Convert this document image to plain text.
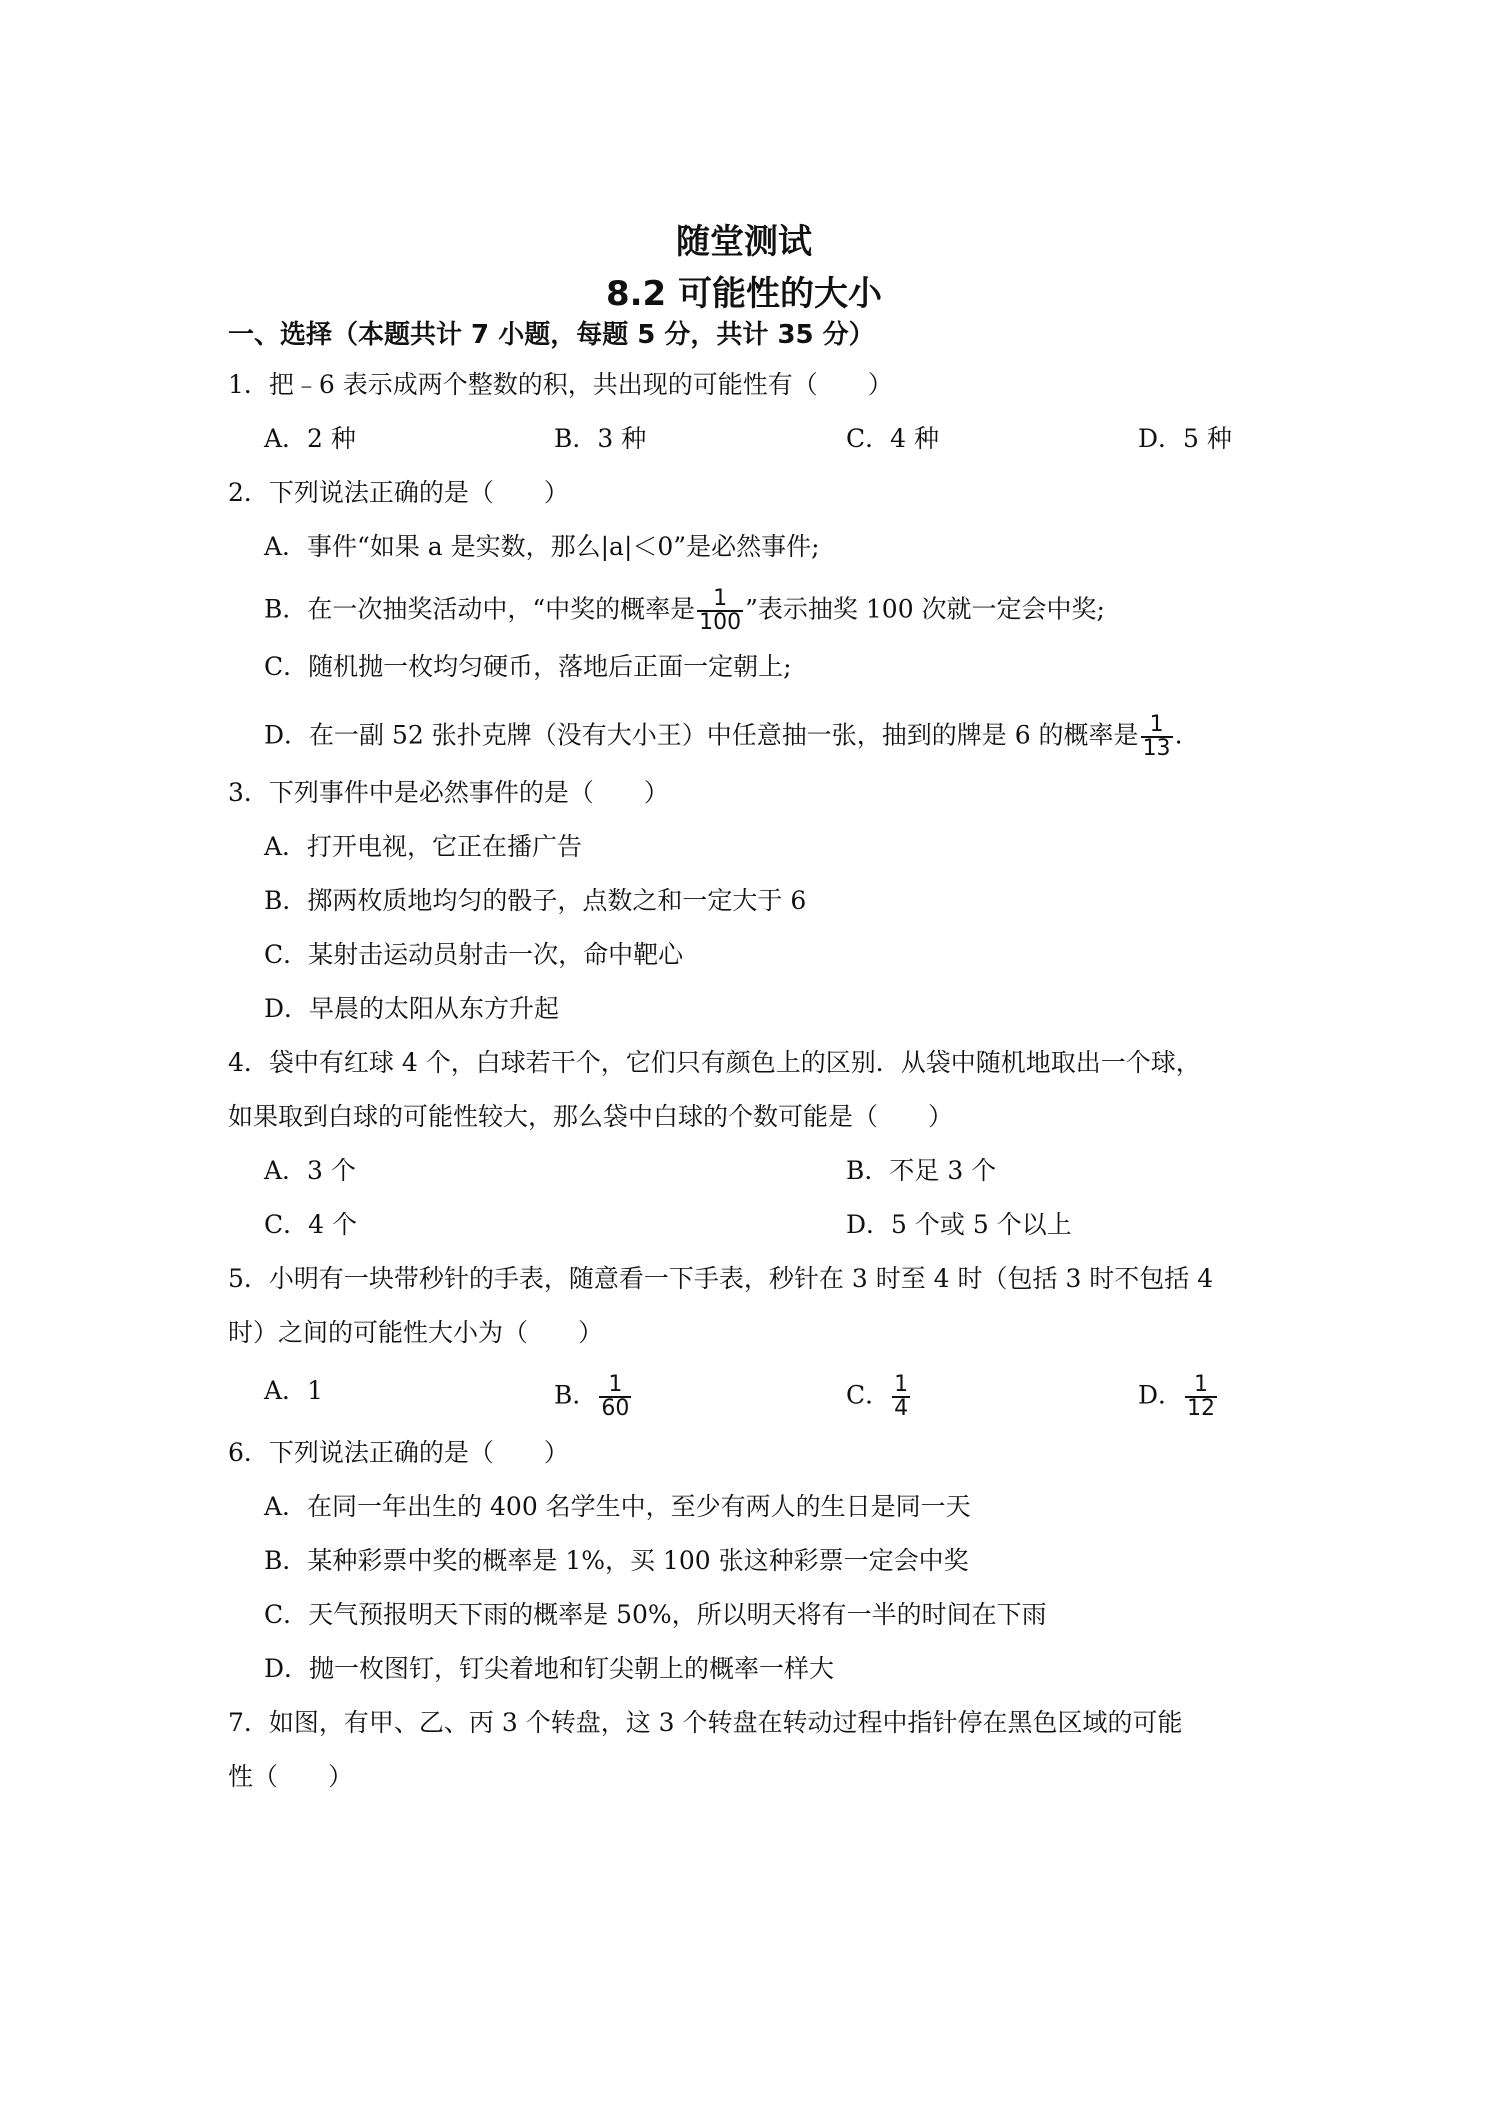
随堂测试
8.2 可能性的大小
一、选择（本题共计 7 小题，每题 5 分，共计 35 分）
1．把﹣6 表示成两个整数的积，共出现的可能性有（　　）
A．2 种	B．3 种	C．4 种	D．5 种
2．下列说法正确的是（　　）
A．事件“如果 a 是实数，那么|a|＜0”是必然事件;
B．在一次抽奖活动中，“中奖的概率是 $\frac{1}{100}$ ”表示抽奖 100 次就一定会中奖;
C．随机抛一枚均匀硬币，落地后正面一定朝上;
D．在一副 52 张扑克牌（没有大小王）中任意抽一张，抽到的牌是 6 的概率是 $\frac{1}{13}$ .
3．下列事件中是必然事件的是（　　）
A．打开电视，它正在播广告
B．掷两枚质地均匀的骰子，点数之和一定大于 6
C．某射击运动员射击一次，命中靶心
D．早晨的太阳从东方升起
4．袋中有红球 4 个，白球若干个，它们只有颜色上的区别．从袋中随机地取出一个球，
如果取到白球的可能性较大，那么袋中白球的个数可能是（　　）
A．3 个	B．不足 3 个
C．4 个	D．5 个或 5 个以上
5．小明有一块带秒针的手表，随意看一下手表，秒针在 3 时至 4 时（包括 3 时不包括 4
时）之间的可能性大小为（　　）
A．1	B． $\frac{1}{60}$	C． $\frac{1}{4}$	D． $\frac{1}{12}$
6．下列说法正确的是（　　）
A．在同一年出生的 400 名学生中，至少有两人的生日是同一天
B．某种彩票中奖的概率是 1%，买 100 张这种彩票一定会中奖
C．天气预报明天下雨的概率是 50%，所以明天将有一半的时间在下雨
D．抛一枚图钉，钉尖着地和钉尖朝上的概率一样大
7．如图，有甲、乙、丙 3 个转盘，这 3 个转盘在转动过程中指针停在黑色区域的可能
性（　　）
